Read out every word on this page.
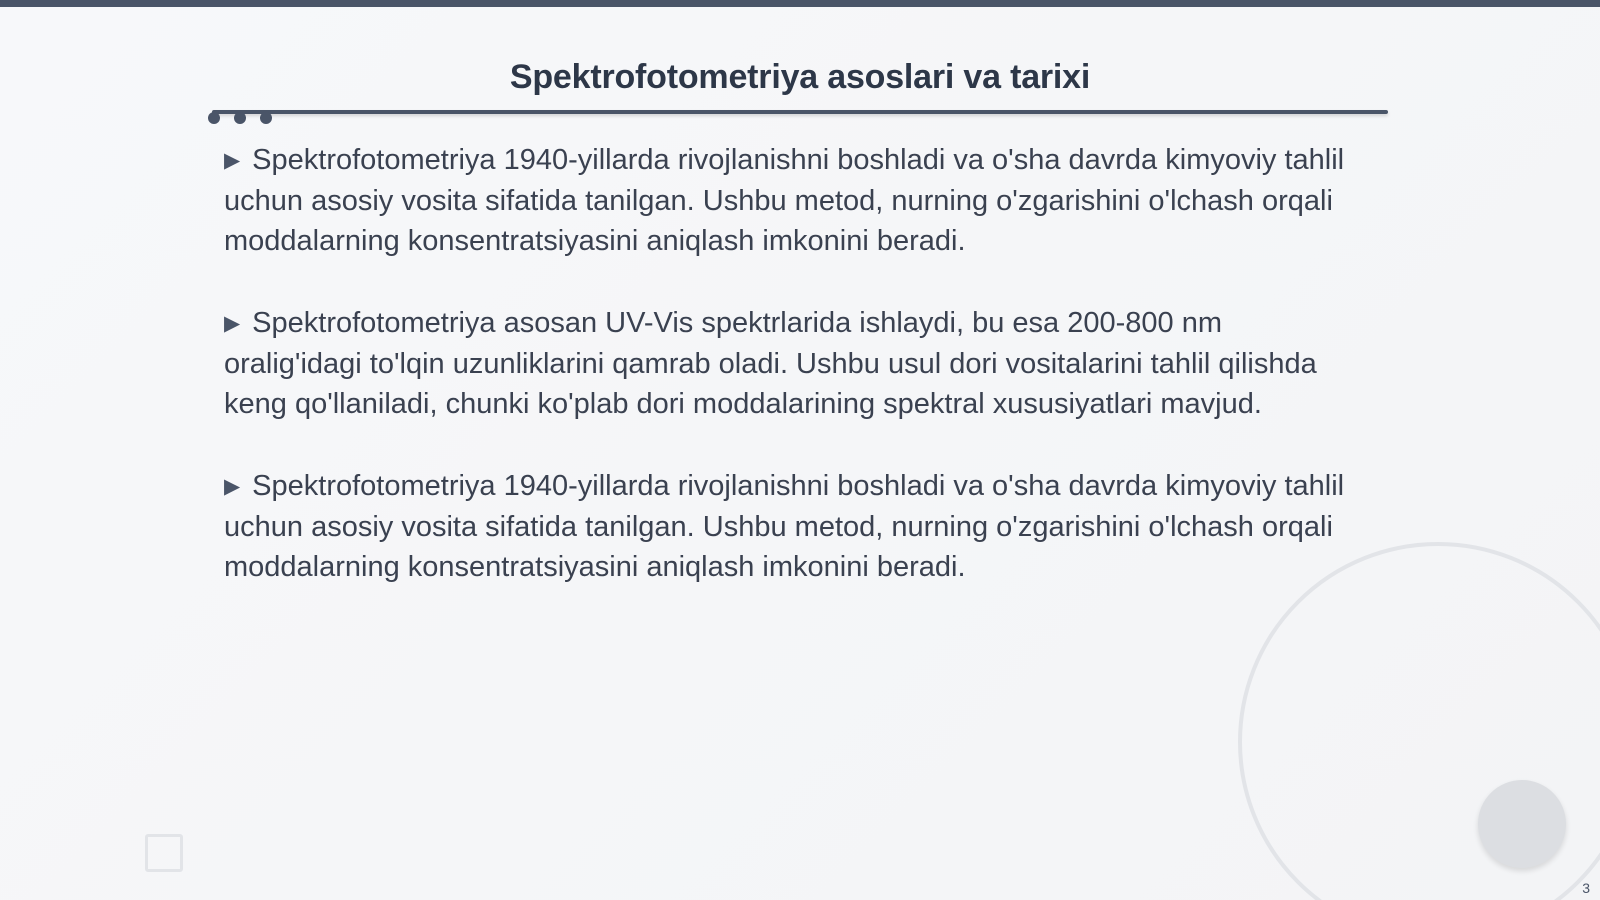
Spektrofotometriya asoslari va tarixi

▶ Spektrofotometriya 1940-yillarda rivojlanishni boshladi va o'sha davrda kimyoviy tahlil uchun asosiy vosita sifatida tanilgan. Ushbu metod, nurning o'zgarishini o'lchash orqali moddalarning konsentratsiyasini aniqlash imkonini beradi.

▶ Spektrofotometriya asosan UV-Vis spektrlarida ishlaydi, bu esa 200-800 nm oralig'idagi to'lqin uzunliklarini qamrab oladi. Ushbu usul dori vositalarini tahlil qilishda keng qo'llaniladi, chunki ko'plab dori moddalarining spektral xususiyatlari mavjud.

▶ Spektrofotometriya 1940-yillarda rivojlanishni boshladi va o'sha davrda kimyoviy tahlil uchun asosiy vosita sifatida tanilgan. Ushbu metod, nurning o'zgarishini o'lchash orqali moddalarning konsentratsiyasini aniqlash imkonini beradi.

3
